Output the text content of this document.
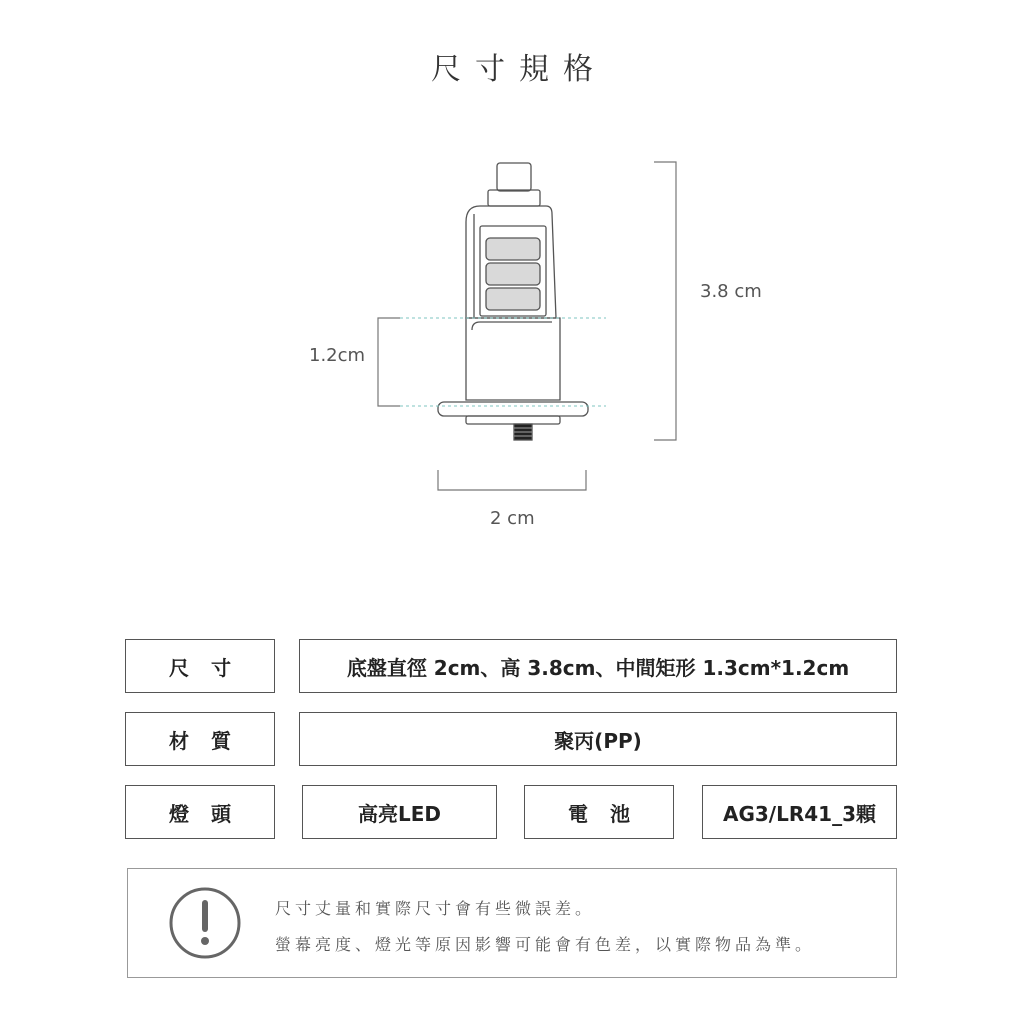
尺寸規格
3.8 cm
1.2cm
2 cm
尺寸	底盤直徑 2cm、高 3.8cm、中間矩形 1.3cm*1.2cm
材質	聚丙(PP)
燈頭	高亮LED	電池	AG3/LR41_3顆
尺寸丈量和實際尺寸會有些微誤差。
螢幕亮度、燈光等原因影響可能會有色差，以實際物品為準。
